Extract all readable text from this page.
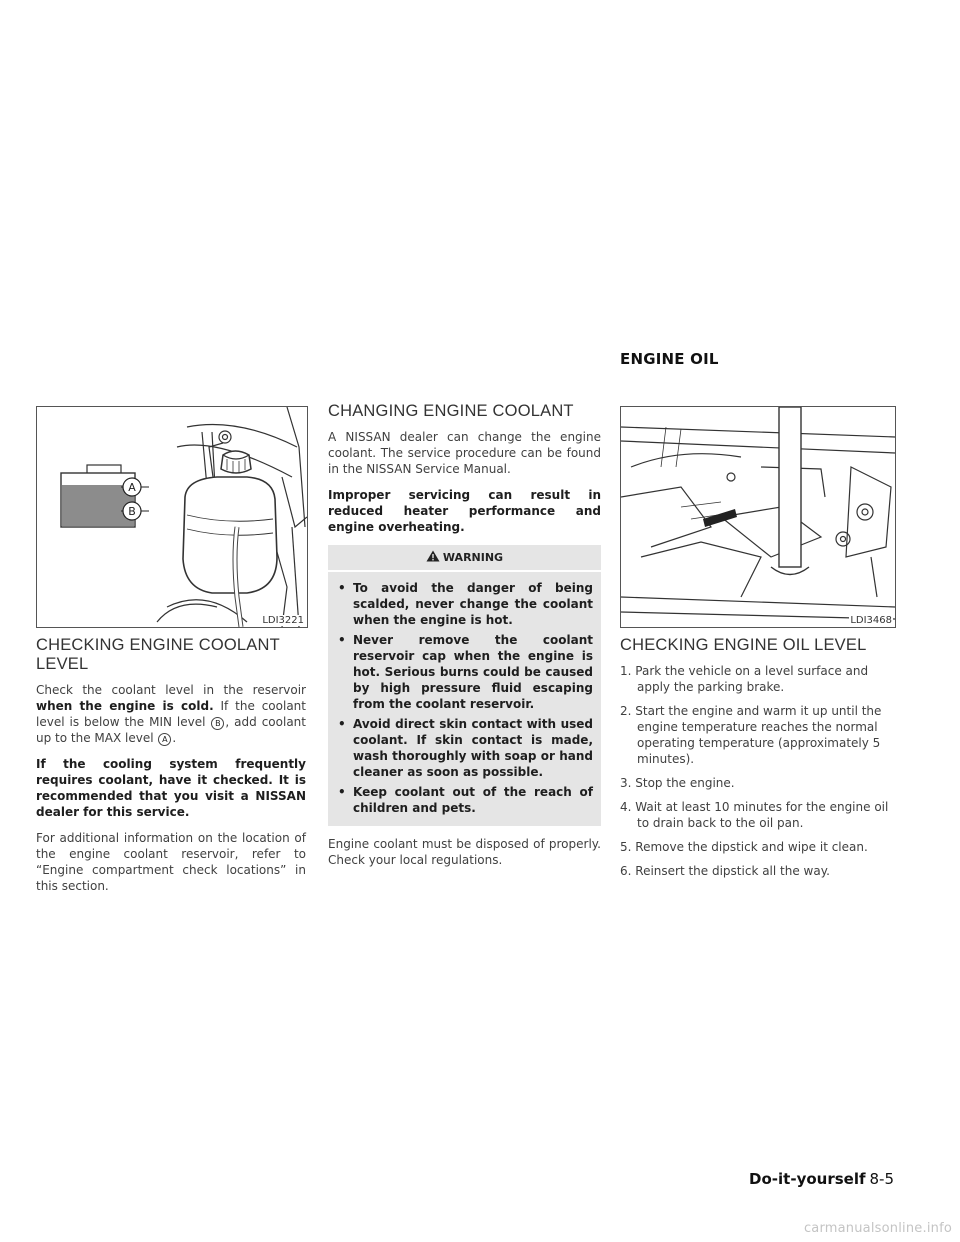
ENGINE OIL
A
B
LDI3221	LDI3468
CHECKING ENGINE COOLANT LEVEL

Check the coolant level in the reservoir when the engine is cold. If the coolant level is below the MIN level B , add coolant up to the MAX level A .

If the cooling system frequently requires coolant, have it checked. It is recommended that you visit a NISSAN dealer for this service.

For additional information on the location of the engine coolant reservoir, refer to “Engine compartment check locations” in this section.

CHANGING ENGINE COOLANT

A NISSAN dealer can change the engine coolant. The service procedure can be found in the NISSAN Service Manual.

Improper servicing can result in reduced heater performance and engine overheating.

WARNING
• To avoid the danger of being scalded, never change the coolant when the engine is hot.
• Never remove the coolant reservoir cap when the engine is hot. Serious burns could be caused by high pressure fluid escaping from the coolant reservoir.
• Avoid direct skin contact with used coolant. If skin contact is made, wash thoroughly with soap or hand cleaner as soon as possible.
• Keep coolant out of the reach of children and pets.

Engine coolant must be disposed of properly. Check your local regulations.

CHECKING ENGINE OIL LEVEL
1. Park the vehicle on a level surface and apply the parking brake.
2. Start the engine and warm it up until the engine temperature reaches the normal operating temperature (approximately 5 minutes).
3. Stop the engine.
4. Wait at least 10 minutes for the engine oil to drain back to the oil pan.
5. Remove the dipstick and wipe it clean.
6. Reinsert the dipstick all the way.
Do-it-yourself 8-5
carmanualsonline.info
